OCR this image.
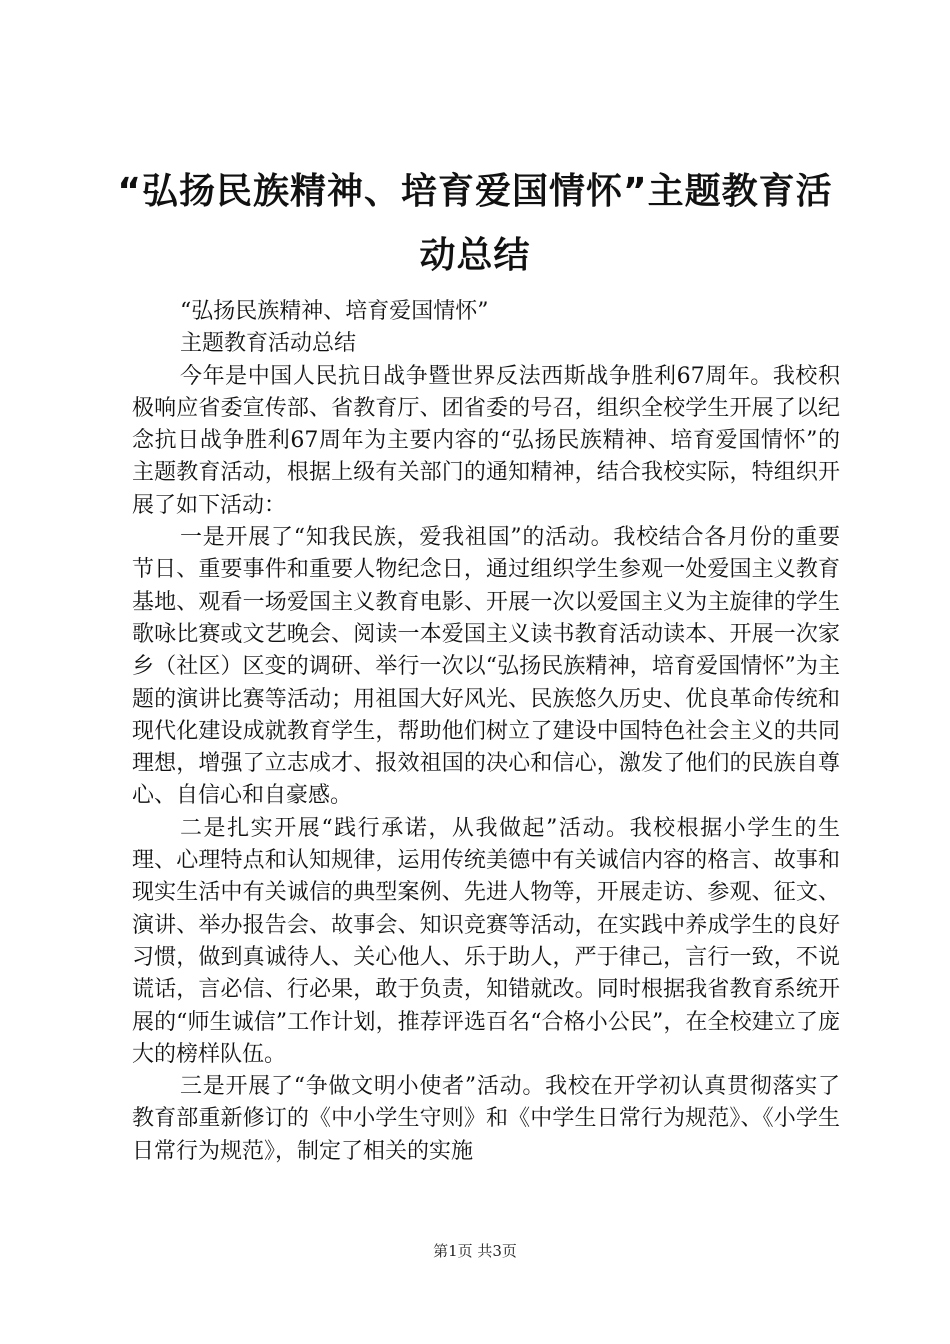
“弘扬民族精神、培育爱国情怀”主题教育活动总结

“弘扬民族精神、培育爱国情怀”

主题教育活动总结

今年是中国人民抗日战争暨世界反法西斯战争胜利67周年。我校积极响应省委宣传部、省教育厅、团省委的号召，组织全校学生开展了以纪念抗日战争胜利67周年为主要内容的“弘扬民族精神、培育爱国情怀”的主题教育活动，根据上级有关部门的通知精神，结合我校实际，特组织开展了如下活动：

一是开展了“知我民族，爱我祖国”的活动。我校结合各月份的重要节日、重要事件和重要人物纪念日，通过组织学生参观一处爱国主义教育基地、观看一场爱国主义教育电影、开展一次以爱国主义为主旋律的学生歌咏比赛或文艺晚会、阅读一本爱国主义读书教育活动读本、开展一次家乡（社区）区变的调研、举行一次以“弘扬民族精神，培育爱国情怀”为主题的演讲比赛等活动；用祖国大好风光、民族悠久历史、优良革命传统和现代化建设成就教育学生，帮助他们树立了建设中国特色社会主义的共同理想，增强了立志成才、报效祖国的决心和信心，激发了他们的民族自尊心、自信心和自豪感。

二是扎实开展“践行承诺，从我做起”活动。我校根据小学生的生理、心理特点和认知规律，运用传统美德中有关诚信内容的格言、故事和现实生活中有关诚信的典型案例、先进人物等，开展走访、参观、征文、演讲、举办报告会、故事会、知识竞赛等活动，在实践中养成学生的良好习惯，做到真诚待人、关心他人、乐于助人，严于律己，言行一致，不说谎话，言必信、行必果，敢于负责，知错就改。同时根据我省教育系统开展的“师生诚信”工作计划，推荐评选百名“合格小公民”，在全校建立了庞大的榜样队伍。

三是开展了“争做文明小使者”活动。我校在开学初认真贯彻落实了教育部重新修订的《中小学生守则》和《中学生日常行为规范》、《小学生日常行为规范》，制定了相关的实施

第1页 共3页
